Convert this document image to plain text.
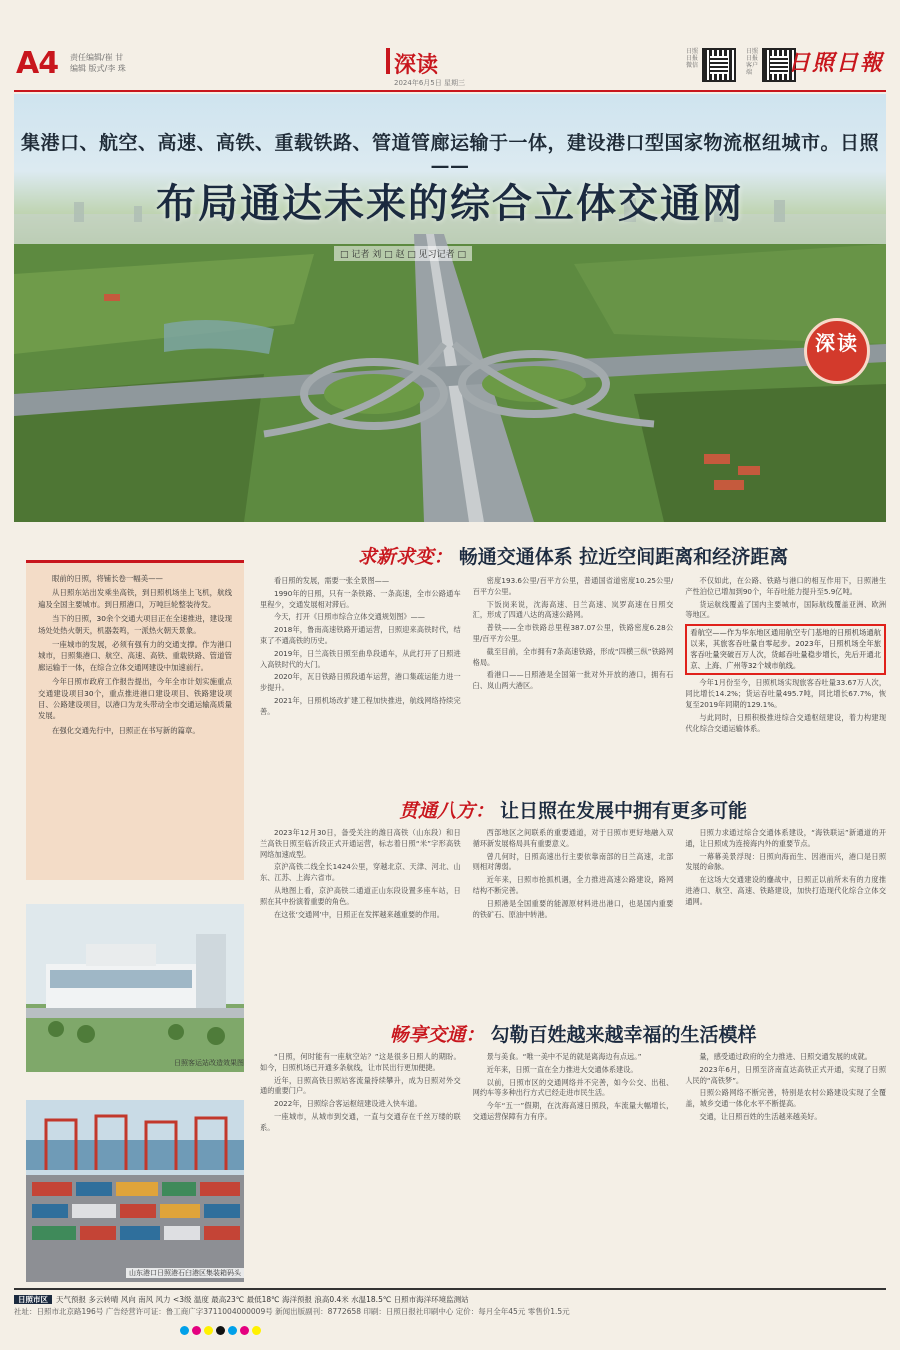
A4 责任编辑/崔 甘
编辑 版式/李 珠	深读
2024年6月5日 星期三
日照日报微信
日照日报客户端 日照日報
集港口、航空、高速、高铁、重载铁路、管道管廊运输于一体，建设港口型国家物流枢纽城市。日照——
布局通达未来的综合立体交通网
□ 记者 刘 □ 赵 □ 见习记者 □
深读

眼前的日照，将铺长卷一幅美——

从日照东站出发乘坐高铁，到日照机场坐上飞机，航线遍及全国主要城市。到日照港口，万吨巨轮整装待发。

当下的日照，30余个交通大项目正在全速推进，建设现场处处热火朝天，机器轰鸣，一派热火朝天景象。

一座城市的发展，必须有强有力的交通支撑。作为港口城市，日照集港口、航空、高速、高铁、重载铁路、管道管廊运输于一体，在综合立体交通网建设中加速前行。

今年日照市政府工作报告提出，今年全市计划实施重点交通建设项目30个，重点推进港口建设项目、铁路建设项目、公路建设项目，以港口为龙头带动全市交通运输高质量发展。

在强化交通先行中，日照正在书写新的篇章。

日照客运站改造效果图
山东港口日照港石臼港区集装箱码头
求新求变： 畅通交通体系 拉近空间距离和经济距离

看日照的发展，需要一张全景图——

1990年的日照，只有一条铁路、一条高速，全市公路通车里程少，交通发展相对滞后。

今天，打开《日照市综合立体交通规划图》——

2018年，鲁南高速铁路开通运营，日照迎来高铁时代，结束了不通高铁的历史。

2019年，日兰高铁日照至曲阜段通车，从此打开了日照进入高铁时代的大门。

2020年，瓦日铁路日照段通车运营，港口集疏运能力进一步提升。

2021年，日照机场改扩建工程加快推进，航线网络持续完善。

密度193.6公里/百平方公里，普通国省道密度10.25公里/百平方公里。

下饭岗来说，沈海高速、日兰高速、岚罗高速在日照交汇，形成了四通八达的高速公路网。

普铁——全市铁路总里程387.07公里，铁路密度6.28公里/百平方公里。

截至目前，全市拥有7条高速铁路，形成“四横三纵”铁路网格局。

看港口——日照港是全国第一批对外开放的港口，拥有石臼、岚山两大港区。

不仅如此，在公路、铁路与港口的相互作用下，日照港生产性泊位已增加到90个，年吞吐能力提升至5.9亿吨。

货运航线覆盖了国内主要城市，国际航线覆盖亚洲、欧洲等地区。

看航空——作为华东地区通用航空专门基地的日照机场通航以来，其旅客吞吐量自零起步。2023年，日照机场全年旅客吞吐量突破百万人次，货邮吞吐量稳步增长，先后开通北京、上海、广州等32个城市航线。

今年1月份至今，日照机场实现旅客吞吐量33.67万人次，同比增长14.2%；货运吞吐量495.7吨，同比增长67.7%，恢复至2019年同期的129.1%。

与此同时，日照积极推进综合交通枢纽建设，着力构建现代化综合交通运输体系。

贯通八方： 让日照在发展中拥有更多可能

2023年12月30日，备受关注的潍日高铁（山东段）和日兰高铁日照至临沂段正式开通运营，标志着日照“米”字形高铁网络加速成型。

京沪高铁二线全长1424公里，穿越北京、天津、河北、山东、江苏、上海六省市。

从地图上看，京沪高铁二通道正山东段设置多座车站，日照在其中扮演着重要的角色。

在这张‘交通网’中，日照正在发挥越来越重要的作用。

西部地区之间联系的重要通道，对于日照市更好地融入双循环新发展格局具有重要意义。

曾几何时，日照高速出行主要依靠南部的日兰高速，北部则相对薄弱。

近年来，日照市抢抓机遇，全力推进高速公路建设，路网结构不断完善。

日照港是全国重要的能源原材料进出港口，也是国内重要的铁矿石、原油中转港。

日照力求通过综合交通体系建设，“海铁联运”新通道的开通，让日照成为连接海内外的重要节点。

一幕幕美景浮现：日照向海而生、因港而兴，港口是日照发展的命脉。

在这场大交通建设的鏖战中，日照正以前所未有的力度推进港口、航空、高速、铁路建设，加快打造现代化综合立体交通网。

畅享交通： 勾勒百姓越来越幸福的生活模样

“日照，何时能有一座航空站？”这是很多日照人的期盼。如今，日照机场已开通多条航线，让市民出行更加便捷。

近年，日照高铁日照站客流量持续攀升，成为日照对外交通的重要门户。

2022年，日照综合客运枢纽建设进入快车道。

一座城市，从城市到交通，一直与交通存在千丝万缕的联系。

景与美食。“唯一美中不足的就是离海边有点远。”

近年来，日照一直在全力推进大交通体系建设。

以前，日照市区的交通网络并不完善，如今公交、出租、网约车等多种出行方式已经走进市民生活。

今年“五一”假期，在沈海高速日照段，车流量大幅增长，交通运营保障有力有序。

量，感受通过政府的全力推进、日照交通发展的成就。

2023年6月，日照至济南直达高铁正式开通，实现了日照人民的“高铁梦”。

日照公路网络不断完善，特别是农村公路建设实现了全覆盖，城乡交通一体化水平不断提高。

交通，让日照百姓的生活越来越美好。

日照市区 天气预报 多云转晴 风向 南风 风力 <3级 温度 最高23℃ 最低18℃ 海洋预报 浪高0.4米 水温18.5℃ 日照市海洋环境监测站
社址：日照市北京路196号 广告经营许可证：鲁工商广字3711004000009号 新闻出版副刊：8772658 印刷：日照日报社印刷中心 定价：每月全年45元 零售价1.5元
